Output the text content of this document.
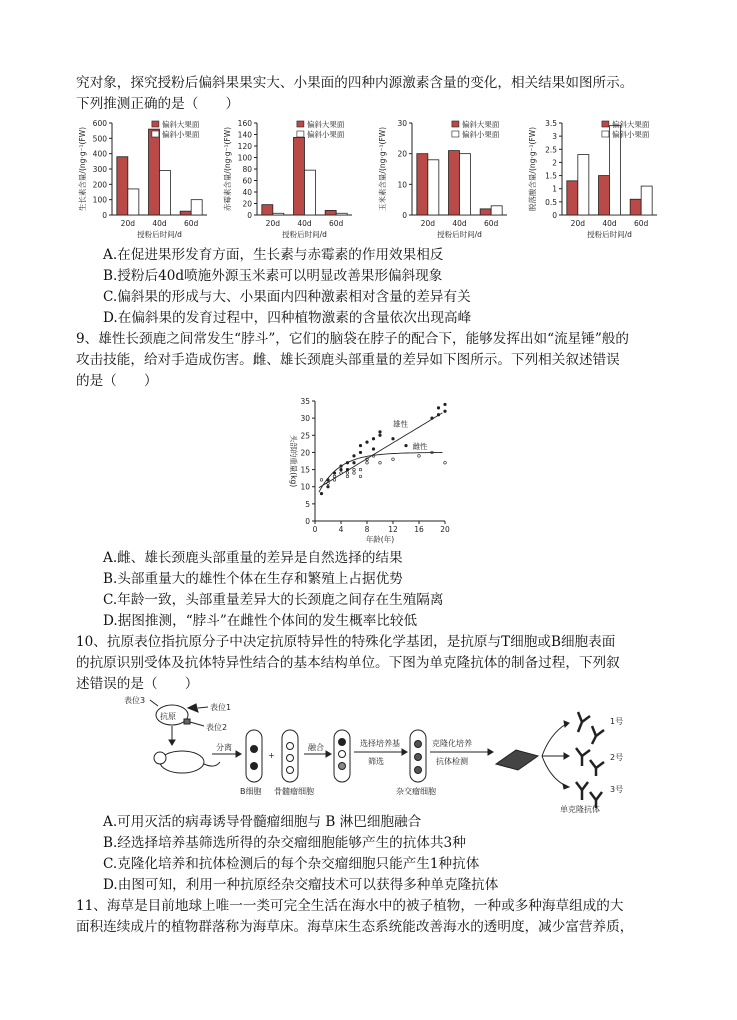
究对象，探究授粉后偏斜果果实大、小果面的四种内源激素含量的变化，相关结果如图所示。
下列推测正确的是（　　）
0
100
200
300
400
500
600
生长素含量/(ng·g⁻¹(FW)
20d 40d 60d
授粉后时间/d
偏斜大果面
偏斜小果面
0
20
40
60
80
100
120
140
160
赤霉素含量/(ng·g⁻¹(FW)
20d 40d 60d
授粉后时间/d
偏斜大果面
偏斜小果面
0
10
20
30
玉米素含量/(ng·g⁻¹(FW)
20d 40d 60d
授粉后时间/d
偏斜大果面
偏斜小果面
0
0.5
1
1.5
2
2.5
3
3.5
脱落酸含量/(ng·g⁻¹(FW)
20d 40d 60d
授粉后时间/d
偏斜大果面
偏斜小果面
A.在促进果形发育方面，生长素与赤霉素的作用效果相反
B.授粉后40d喷施外源玉米素可以明显改善果形偏斜现象
C.偏斜果的形成与大、小果面内四种激素相对含量的差异有关
D.在偏斜果的发育过程中，四种植物激素的含量依次出现高峰
9、雄性长颈鹿之间常发生“脖斗”，它们的脑袋在脖子的配合下，能够发挥出如“流星锤”般的
攻击技能，给对手造成伤害。雌、雄长颈鹿头部重量的差异如下图所示。下列相关叙述错误
的是（　　）
0
5
10
15
20
25
30
35
0	4	8	12 16 20
年龄(年)
头部的重量(kg)
雄性
雌性
A.雌、雄长颈鹿头部重量的差异是自然选择的结果
B.头部重量大的雄性个体在生存和繁殖上占据优势
C.年龄一致，头部重量差异大的长颈鹿之间存在生殖隔离
D.据图推测，“脖斗”在雌性个体间的发生概率比较低
10、抗原表位指抗原分子中决定抗原特异性的特殊化学基团，是抗原与T细胞或B细胞表面
的抗原识别受体及抗体特异性结合的基本结构单位。下图为单克隆抗体的制备过程，下列叙
述错误的是（　　）
表位3
抗原
表位1
表位2
分离
+
融合	选择培养基
筛选
克隆化培养
抗体检测
B细胞 骨髓瘤细胞	杂交瘤细胞
1号
2号
3号
单克隆抗体
A.可用灭活的病毒诱导骨髓瘤细胞与 B 淋巴细胞融合
B.经选择培养基筛选所得的杂交瘤细胞能够产生的抗体共3种
C.克隆化培养和抗体检测后的每个杂交瘤细胞只能产生1种抗体
D.由图可知，利用一种抗原经杂交瘤技术可以获得多种单克隆抗体
11、海草是目前地球上唯一一类可完全生活在海水中的被子植物，一种或多种海草组成的大
面积连续成片的植物群落称为海草床。海草床生态系统能改善海水的透明度，减少富营养质，
